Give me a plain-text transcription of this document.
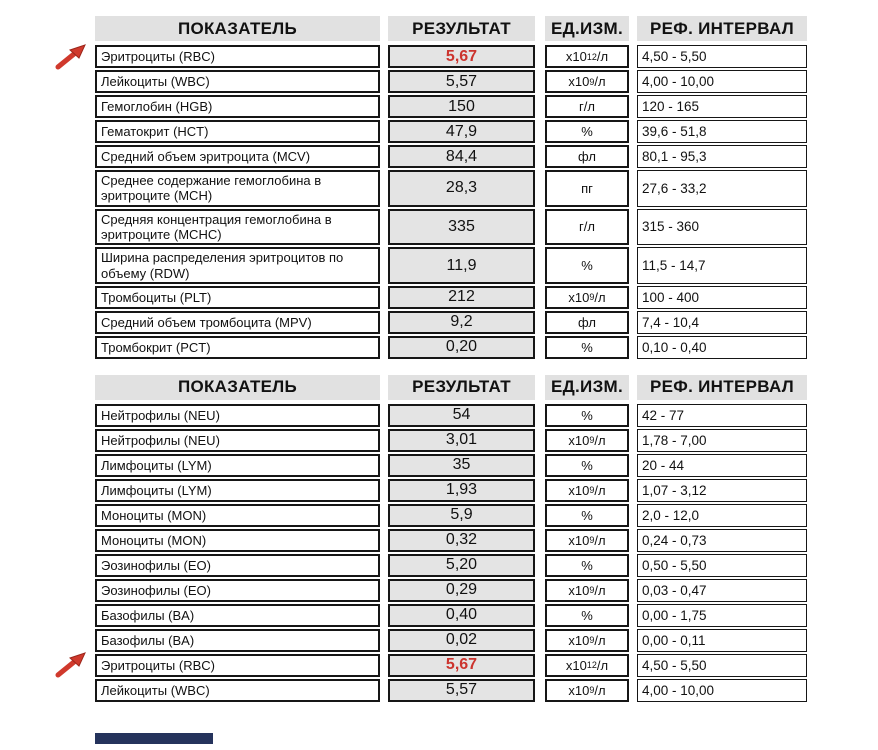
ПОКАЗАТЕЛЬ	РЕЗУЛЬТАТ	ЕД.ИЗМ.	РЕФ. ИНТЕРВАЛ
Эритроциты (RBC)	5,67	х10 12 /л	4,50 - 5,50
Лейкоциты (WBC)	5,57	х10 9 /л	4,00 - 10,00
Гемоглобин (HGB)	150	г/л	120 - 165
Гематокрит (HCT)	47,9	%	39,6 - 51,8
Средний объем эритроцита (MCV)	84,4	фл	80,1 - 95,3
Среднее содержание гемоглобина в эритроците (MCH)	28,3	пг	27,6 - 33,2
Средняя концентрация гемоглобина в эритроците (MCHC)	335	г/л	315 - 360
Ширина распределения эритроцитов по объему (RDW)	11,9	%	11,5 - 14,7
Тромбоциты (PLT)	212	х10 9 /л	100 - 400
Средний объем тромбоцита (MPV)	9,2	фл	7,4 - 10,4
Тромбокрит (PCT)	0,20	%	0,10 - 0,40
ПОКАЗАТЕЛЬ	РЕЗУЛЬТАТ	ЕД.ИЗМ.	РЕФ. ИНТЕРВАЛ
Нейтрофилы (NEU)	54	%	42 - 77
Нейтрофилы (NEU)	3,01	х10 9 /л	1,78 - 7,00
Лимфоциты (LYM)	35	%	20 - 44
Лимфоциты (LYM)	1,93	х10 9 /л	1,07 - 3,12
Моноциты (MON)	5,9	%	2,0 - 12,0
Моноциты (MON)	0,32	х10 9 /л	0,24 - 0,73
Эозинофилы (EO)	5,20	%	0,50 - 5,50
Эозинофилы (EO)	0,29	х10 9 /л	0,03 - 0,47
Базофилы (BA)	0,40	%	0,00 - 1,75
Базофилы (BA)	0,02	х10 9 /л	0,00 - 0,11
Эритроциты (RBC)	5,67	х10 12 /л	4,50 - 5,50
Лейкоциты (WBC)	5,57	х10 9 /л	4,00 - 10,00
